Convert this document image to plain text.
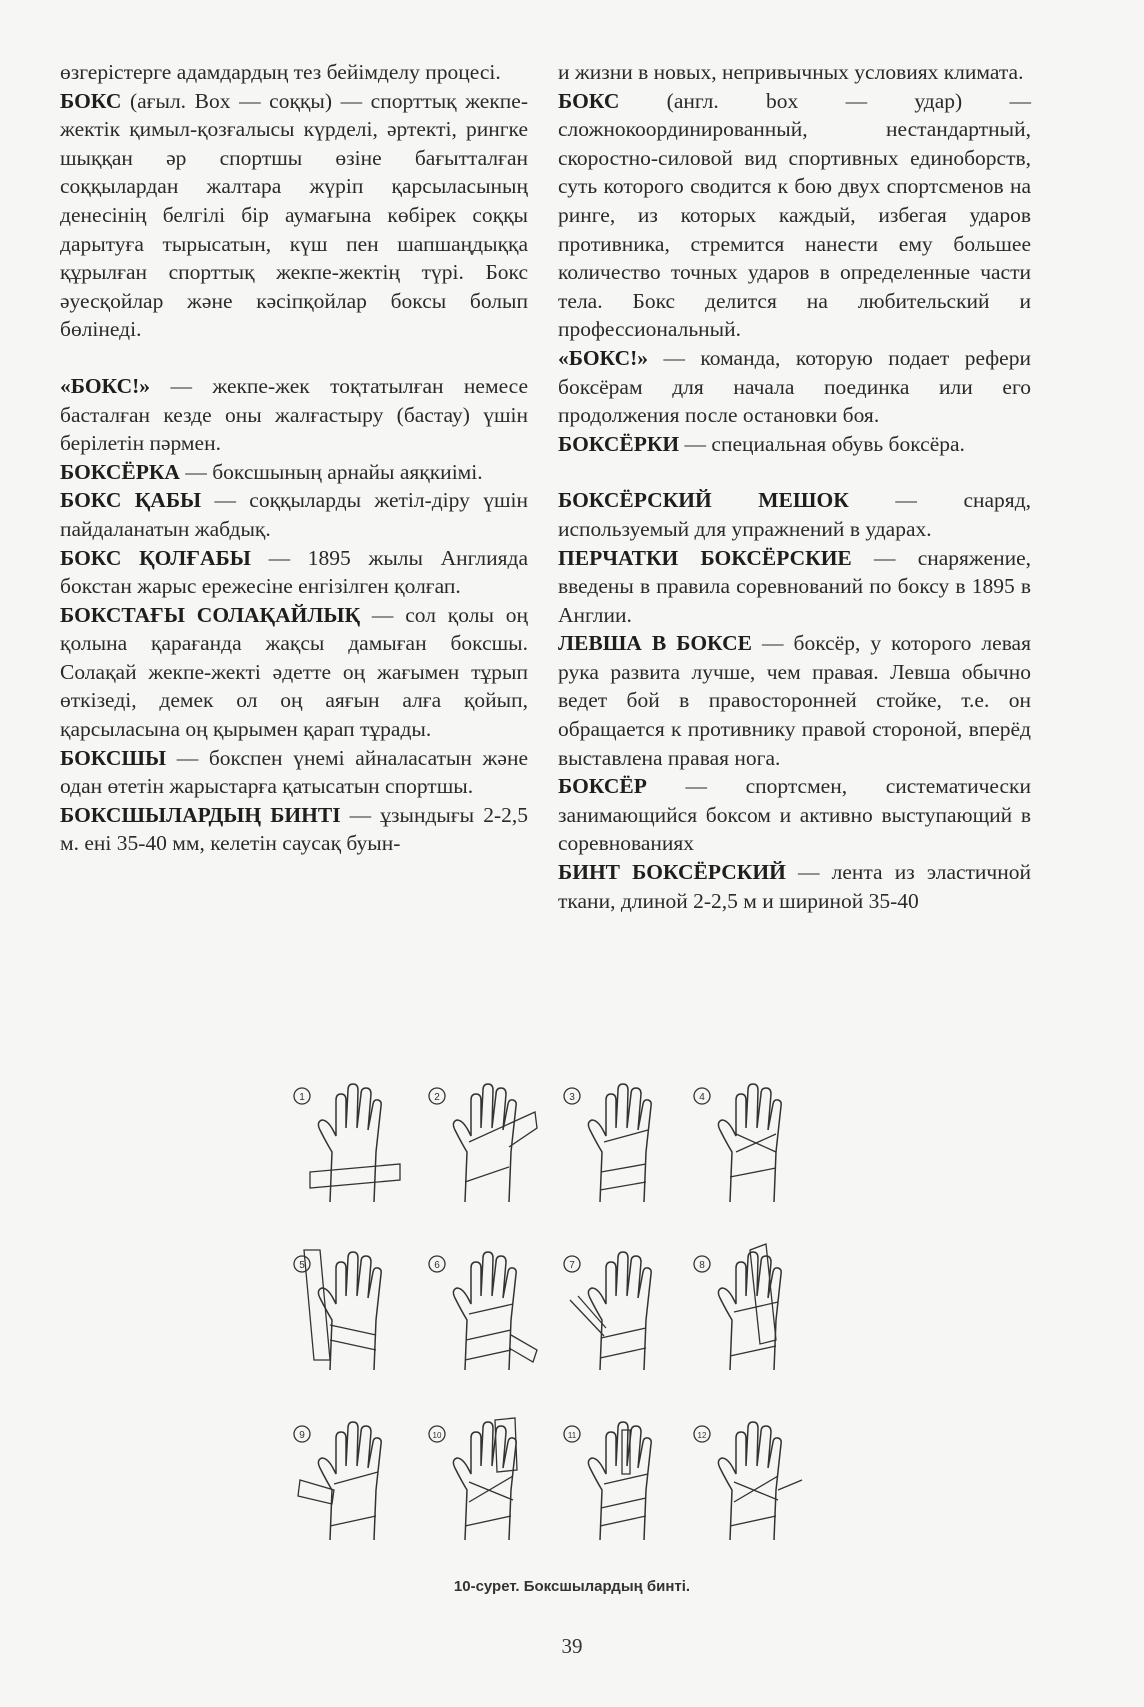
өзгерістерге адамдардың тез бейімделу процесі.

БОКС (ағыл. Box — соққы) — спорттық жекпе-жектік қимыл-қозғалысы күрделі, әртекті, рингке шыққан әр спортшы өзіне бағытталған соққылардан жалтара жүріп қарсыласының денесінің белгілі бір аумағына көбірек соққы дарытуға тырысатын, күш пен шапшаңдыққа құрылған спорттық жекпе-жектің түрі. Бокс әуесқойлар және кәсіпқойлар боксы болып бөлінеді.

«БОКС!» — жекпе-жек тоқтатылған немесе басталған кезде оны жалғастыру (бастау) үшін берілетін пәрмен.

БОКСЁРКА — боксшының арнайы аяқкиімі.

БОКС ҚАБЫ — соққыларды жетіл-діру үшін пайдаланатын жабдық.

БОКС ҚОЛҒАБЫ — 1895 жылы Англияда бокстан жарыс ережесіне енгізілген қолғап.

БОКСТАҒЫ СОЛАҚАЙЛЫҚ — сол қолы оң қолына қарағанда жақсы дамыған боксшы. Солақай жекпе-жекті әдетте оң жағымен тұрып өткізеді, демек ол оң аяғын алға қойып, қарсыласына оң қырымен қарап тұрады.

БОКСШЫ — бокспен үнемі айналасатын және одан өтетін жарыстарға қатысатын спортшы.

БОКСШЫЛАРДЫҢ БИНТІ — ұзындығы 2-2,5 м. ені 35-40 мм, келетін саусақ буын-

и жизни в новых, непривычных условиях климата.

БОКС (англ. box — удар) — сложнокоординированный, нестандартный, скоростно-силовой вид спортивных единоборств, суть которого сводится к бою двух спортсменов на ринге, из которых каждый, избегая ударов противника, стремится нанести ему большее количество точных ударов в определенные части тела. Бокс делится на любительский и профессиональный.

«БОКС!» — команда, которую подает рефери боксёрам для начала поединка или его продолжения после остановки боя.

БОКСЁРКИ — специальная обувь боксёра.

БОКСЁРСКИЙ МЕШОК — снаряд, используемый для упражнений в ударах.

ПЕРЧАТКИ БОКСЁРСКИЕ — снаряжение, введены в правила соревнований по боксу в 1895 в Англии.

ЛЕВША В БОКСЕ — боксёр, у которого левая рука развита лучше, чем правая. Левша обычно ведет бой в правосторонней стойке, т.е. он обращается к противнику правой стороной, вперёд выставлена правая нога.

БОКСЁР — спортсмен, систематически занимающийся боксом и активно выступающий в соревнованиях

БИНТ БОКСЁРСКИЙ — лента из эластичной ткани, длиной 2-2,5 м и шириной 35-40

1	2	3	4
5	6	7	8
9	10	11	12
10-сурет. Боксшылардың бинті.
39
